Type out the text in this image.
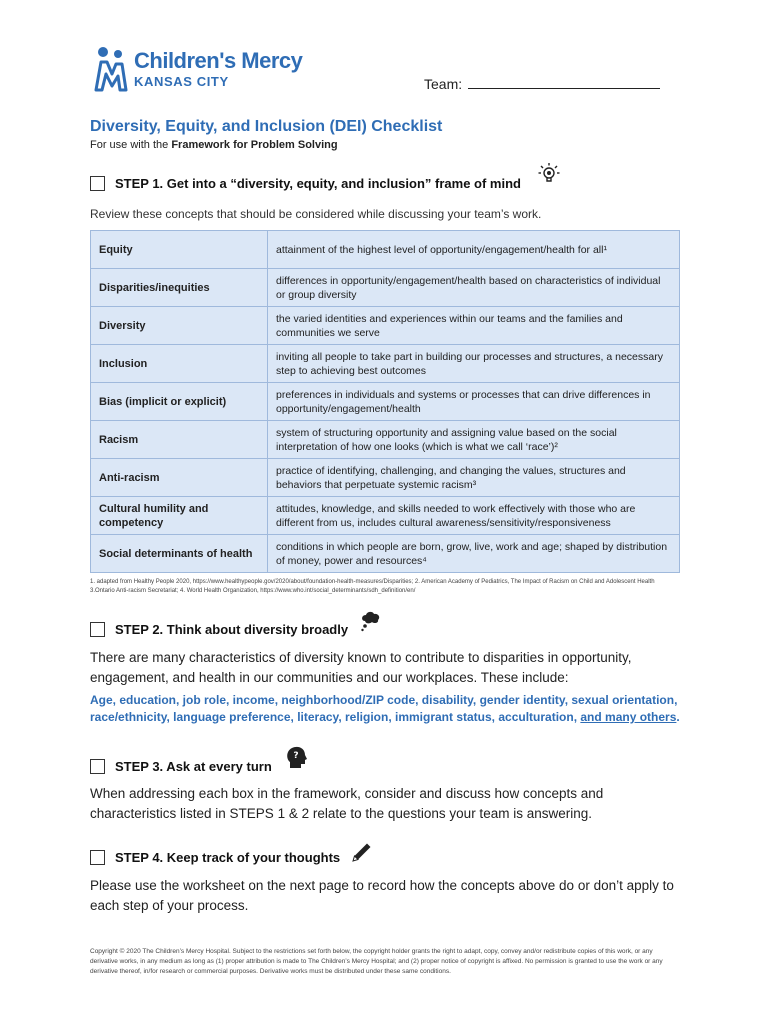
Children's Mercy
KANSAS CITY	Team:
Diversity, Equity, and Inclusion (DEI) Checklist
For use with the Framework for Problem Solving
STEP 1. Get into a “diversity, equity, and inclusion” frame of mind
Review these concepts that should be considered while discussing your team’s work.
Equity	attainment of the highest level of opportunity/engagement/health for all¹
Disparities/inequities	differences in opportunity/engagement/health based on characteristics of individual or group diversity
Diversity	the varied identities and experiences within our teams and the families and communities we serve
Inclusion	inviting all people to take part in building our processes and structures, a necessary step to achieving best outcomes
Bias (implicit or explicit)	preferences in individuals and systems or processes that can drive differences in opportunity/engagement/health
Racism	system of structuring opportunity and assigning value based on the social interpretation of how one looks (which is what we call ‘race’)²
Anti-racism	practice of identifying, challenging, and changing the values, structures and behaviors that perpetuate systemic racism³
Cultural humility and competency	attitudes, knowledge, and skills needed to work effectively with those who are different from us, includes cultural awareness/sensitivity/responsiveness
Social determinants of health	conditions in which people are born, grow, live, work and age; shaped by distribution of money, power and resources⁴
1. adapted from Healthy People 2020, https://www.healthypeople.gov/2020/about/foundation-health-measures/Disparities; 2. American Academy of Pediatrics, The Impact of Racism on Child and Adolescent Health 3.Ontario Anti-racism Secretariat; 4. World Health Organization, https://www.who.int/social_determinants/sdh_definition/en/
STEP 2. Think about diversity broadly
There are many characteristics of diversity known to contribute to disparities in opportunity, engagement, and health in our communities and our workplaces. These include:
Age, education, job role, income, neighborhood/ZIP code, disability, gender identity, sexual orientation, race/ethnicity, language preference, literacy, religion, immigrant status, acculturation, and many others.
STEP 3. Ask at every turn
?
When addressing each box in the framework, consider and discuss how concepts and characteristics listed in STEPS 1 & 2 relate to the questions your team is answering.
STEP 4. Keep track of your thoughts
Please use the worksheet on the next page to record how the concepts above do or don’t apply to each step of your process.
Copyright © 2020 The Children’s Mercy Hospital. Subject to the restrictions set forth below, the copyright holder grants the right to adapt, copy, convey and/or redistribute copies of this work, or any derivative works, in any medium as long as (1) proper attribution is made to The Children’s Mercy Hospital; and (2) proper notice of copyright is affixed. No permission is granted to use the work or any derivative thereof, in/for research or commercial purposes. Derivative works must be distributed under these same conditions.
